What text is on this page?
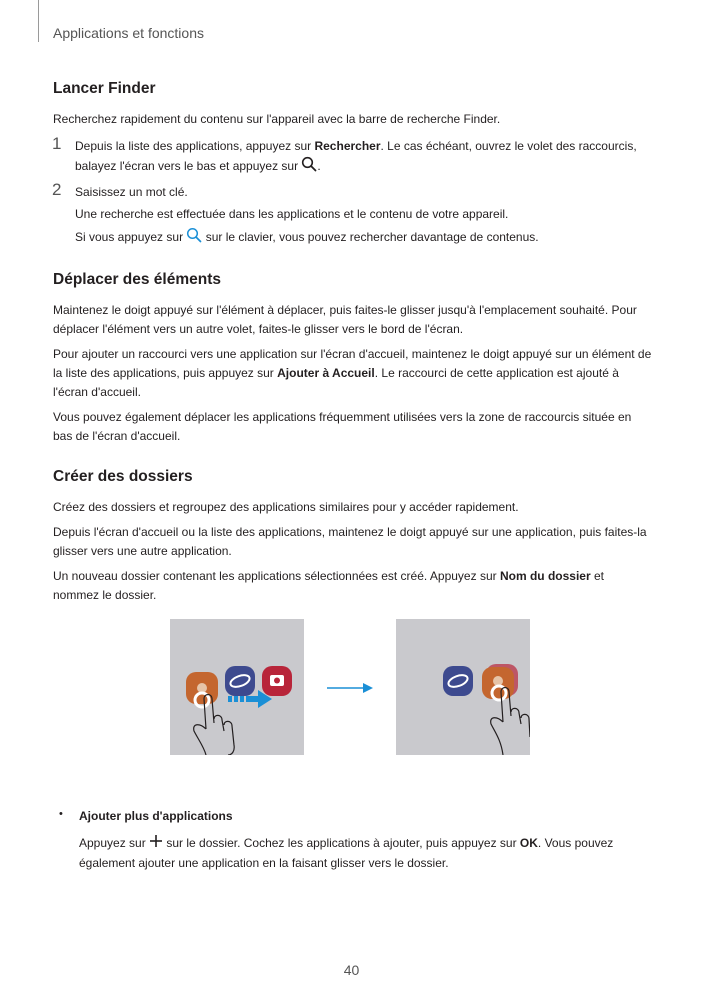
Applications et fonctions
Lancer Finder

Recherchez rapidement du contenu sur l'appareil avec la barre de recherche Finder.

1 Depuis la liste des applications, appuyez sur Rechercher. Le cas échéant, ouvrez le volet des raccourcis, balayez l'écran vers le bas et appuyez sur .

2 Saisissez un mot clé.

Une recherche est effectuée dans les applications et le contenu de votre appareil.

Si vous appuyez sur  sur le clavier, vous pouvez rechercher davantage de contenus.

Déplacer des éléments

Maintenez le doigt appuyé sur l'élément à déplacer, puis faites-le glisser jusqu'à l'emplacement souhaité. Pour déplacer l'élément vers un autre volet, faites-le glisser vers le bord de l'écran.

Pour ajouter un raccourci vers une application sur l'écran d'accueil, maintenez le doigt appuyé sur un élément de la liste des applications, puis appuyez sur Ajouter à Accueil. Le raccourci de cette application est ajouté à l'écran d'accueil.

Vous pouvez également déplacer les applications fréquemment utilisées vers la zone de raccourcis située en bas de l'écran d'accueil.

Créer des dossiers

Créez des dossiers et regroupez des applications similaires pour y accéder rapidement.

Depuis l'écran d'accueil ou la liste des applications, maintenez le doigt appuyé sur une application, puis faites-la glisser vers une autre application.

Un nouveau dossier contenant les applications sélectionnées est créé. Appuyez sur Nom du dossier et nommez le dossier.

• Ajouter plus d'applications

Appuyez sur  sur le dossier. Cochez les applications à ajouter, puis appuyez sur OK. Vous pouvez également ajouter une application en la faisant glisser vers le dossier.

40
